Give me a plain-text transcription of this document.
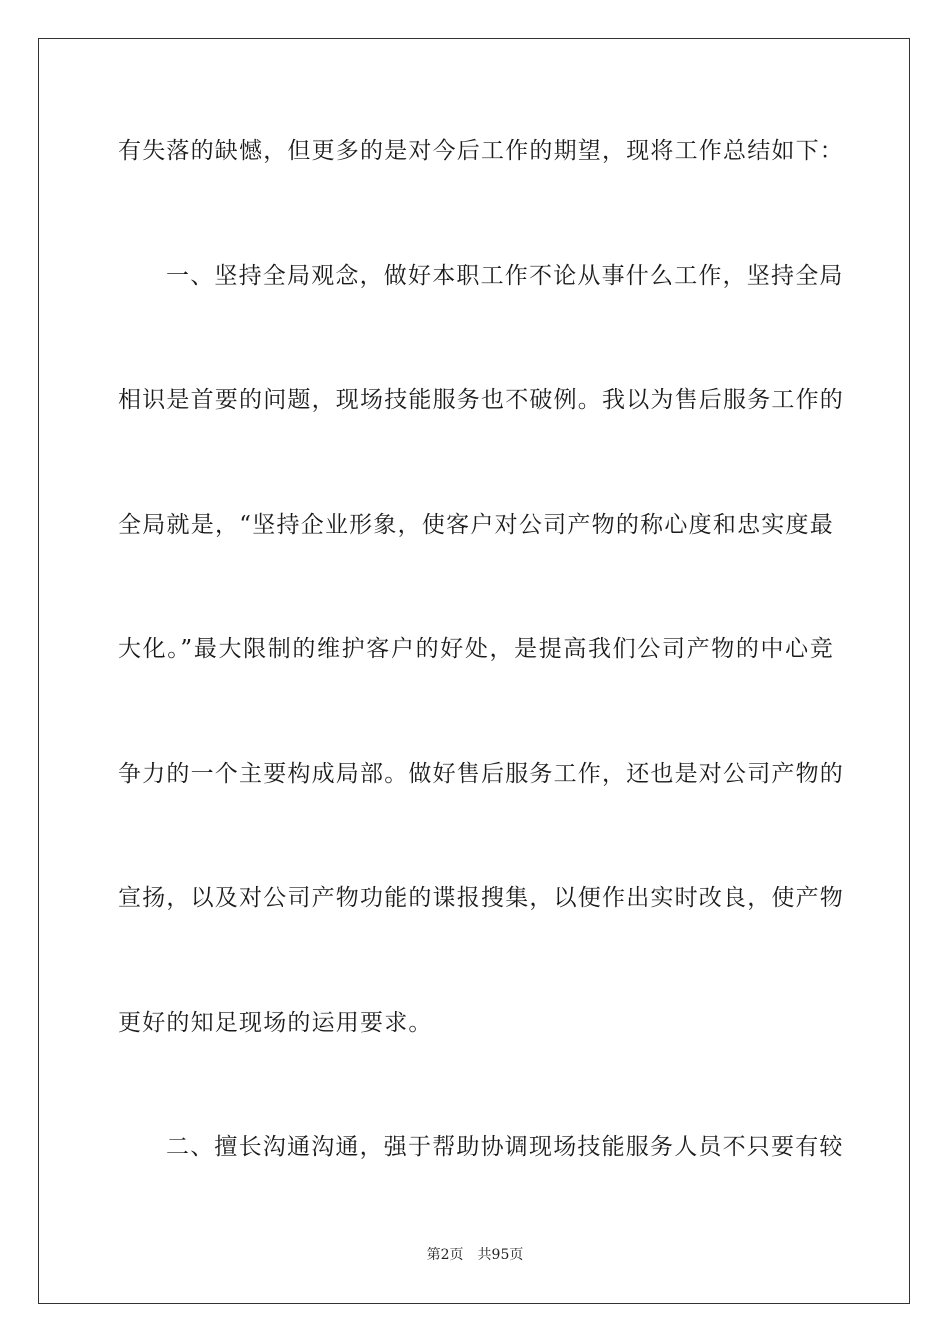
有失落的缺憾，但更多的是对今后工作的期望，现将工作总结如下：
一、坚持全局观念，做好本职工作不论从事什么工作，坚持全局
相识是首要的问题，现场技能服务也不破例。我以为售后服务工作的
全局就是，“坚持企业形象，使客户对公司产物的称心度和忠实度最
大化。”最大限制的维护客户的好处，是提高我们公司产物的中心竞
争力的一个主要构成局部。做好售后服务工作，还也是对公司产物的
宣扬，以及对公司产物功能的谍报搜集，以便作出实时改良，使产物
更好的知足现场的运用要求。
二、擅长沟通沟通，强于帮助协调现场技能服务人员不只要有较
第2页 共95页
